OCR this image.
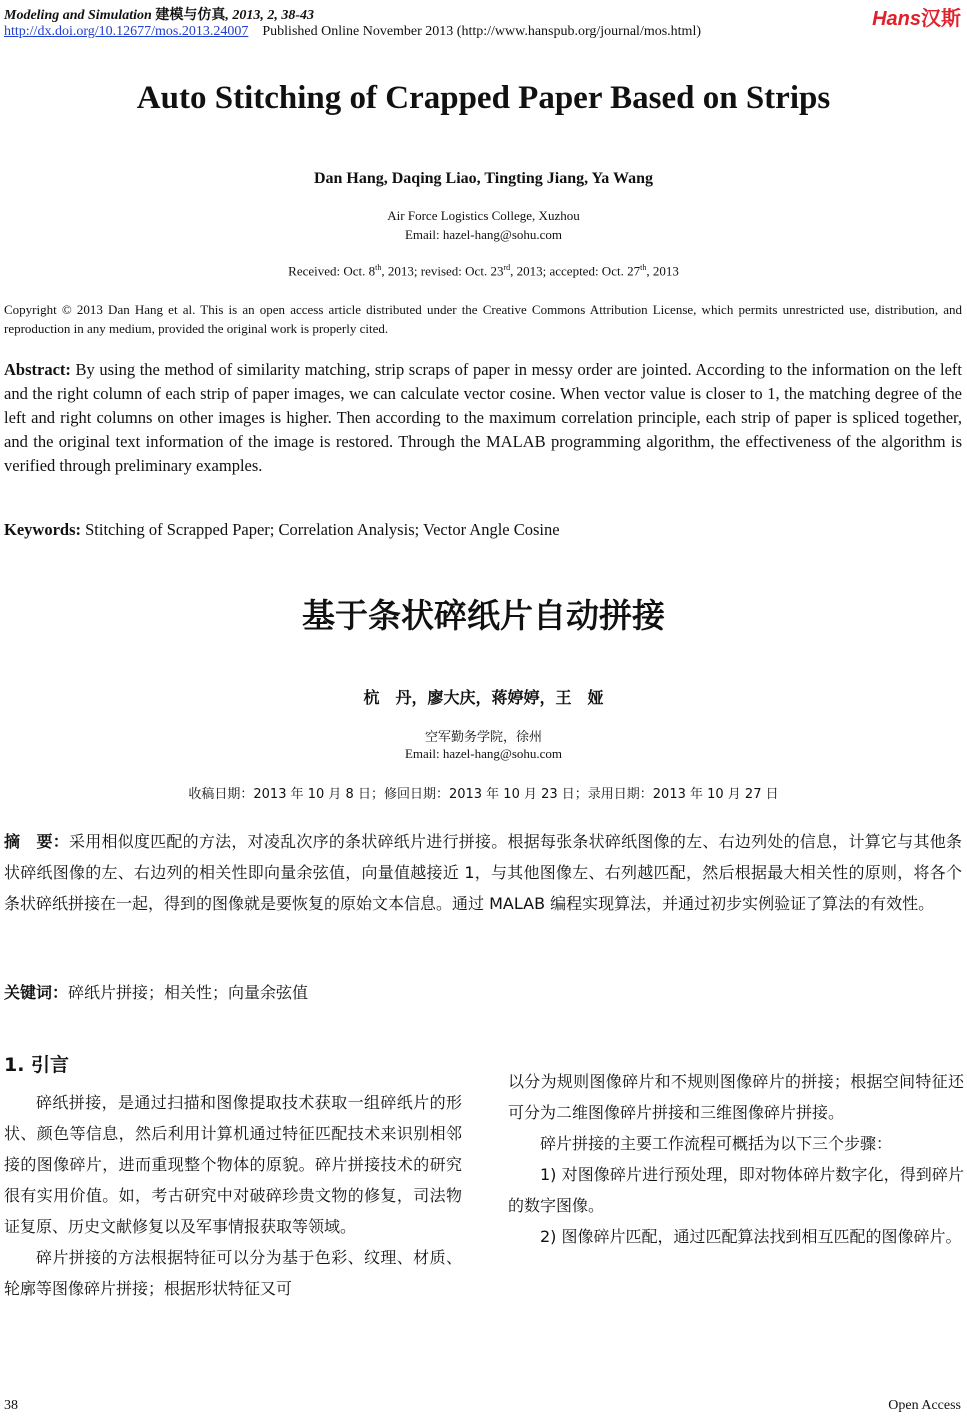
Modeling and Simulation 建模与仿真, 2013, 2, 38-43	Hans汉斯
http://dx.doi.org/10.12677/mos.2013.24007 Published Online November 2013 (http://www.hanspub.org/journal/mos.html)
Auto Stitching of Crapped Paper Based on Strips
Dan Hang, Daqing Liao, Tingting Jiang, Ya Wang
Air Force Logistics College, Xuzhou
Email: hazel-hang@sohu.com
Received: Oct. 8th, 2013; revised: Oct. 23rd, 2013; accepted: Oct. 27th, 2013
Copyright © 2013 Dan Hang et al. This is an open access article distributed under the Creative Commons Attribution License, which permits unrestricted use, distribution, and reproduction in any medium, provided the original work is properly cited.
Abstract: By using the method of similarity matching, strip scraps of paper in messy order are jointed. According to the information on the left and the right column of each strip of paper images, we can calculate vector cosine. When vector value is closer to 1, the matching degree of the left and right columns on other images is higher. Then according to the maximum correlation principle, each strip of paper is spliced together, and the original text information of the image is restored. Through the MALAB programming algorithm, the effectiveness of the algorithm is verified through preliminary examples.
Keywords: Stitching of Scrapped Paper; Correlation Analysis; Vector Angle Cosine
基于条状碎纸片自动拼接
杭　丹，廖大庆，蒋婷婷，王　娅
空军勤务学院，徐州
Email: hazel-hang@sohu.com
收稿日期：2013 年 10 月 8 日；修回日期：2013 年 10 月 23 日；录用日期：2013 年 10 月 27 日
摘　要：采用相似度匹配的方法，对凌乱次序的条状碎纸片进行拼接。根据每张条状碎纸图像的左、右边列处的信息，计算它与其他条状碎纸图像的左、右边列的相关性即向量余弦值，向量值越接近 1，与其他图像左、右列越匹配，然后根据最大相关性的原则，将各个条状碎纸拼接在一起，得到的图像就是要恢复的原始文本信息。通过 MALAB 编程实现算法，并通过初步实例验证了算法的有效性。
关键词：碎纸片拼接；相关性；向量余弦值
1. 引言

碎纸拼接，是通过扫描和图像提取技术获取一组碎纸片的形状、颜色等信息，然后利用计算机通过特征匹配技术来识别相邻接的图像碎片，进而重现整个物体的原貌。碎片拼接技术的研究很有实用价值。如，考古研究中对破碎珍贵文物的修复，司法物证复原、历史文献修复以及军事情报获取等领域。

碎片拼接的方法根据特征可以分为基于色彩、纹理、材质、轮廓等图像碎片拼接；根据形状特征又可

以分为规则图像碎片和不规则图像碎片的拼接；根据空间特征还可分为二维图像碎片拼接和三维图像碎片拼接。

碎片拼接的主要工作流程可概括为以下三个步骤：

1) 对图像碎片进行预处理，即对物体碎片数字化，得到碎片的数字图像。

2) 图像碎片匹配，通过匹配算法找到相互匹配的图像碎片。

38	Open Access
